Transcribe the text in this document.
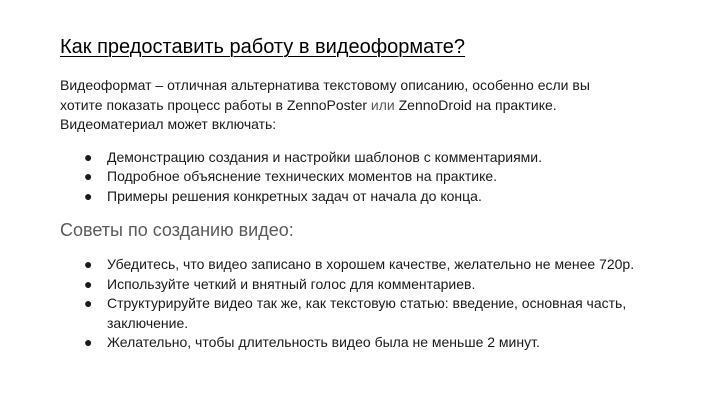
Как предоставить работу в видеоформате?

Видеоформат – отличная альтернатива текстовому описанию, особенно если вы хотите показать процесс работы в ZennoPoster или ZennoDroid на практике. Видеоматериал может включать:

● Демонстрацию создания и настройки шаблонов с комментариями.
● Подробное объяснение технических моментов на практике.
● Примеры решения конкретных задач от начала до конца.
Советы по созданию видео:
● Убедитесь, что видео записано в хорошем качестве, желательно не менее 720p.
● Используйте четкий и внятный голос для комментариев.
● Структурируйте видео так же, как текстовую статью: введение, основная часть, заключение.
● Желательно, чтобы длительность видео была не меньше 2 минут.
